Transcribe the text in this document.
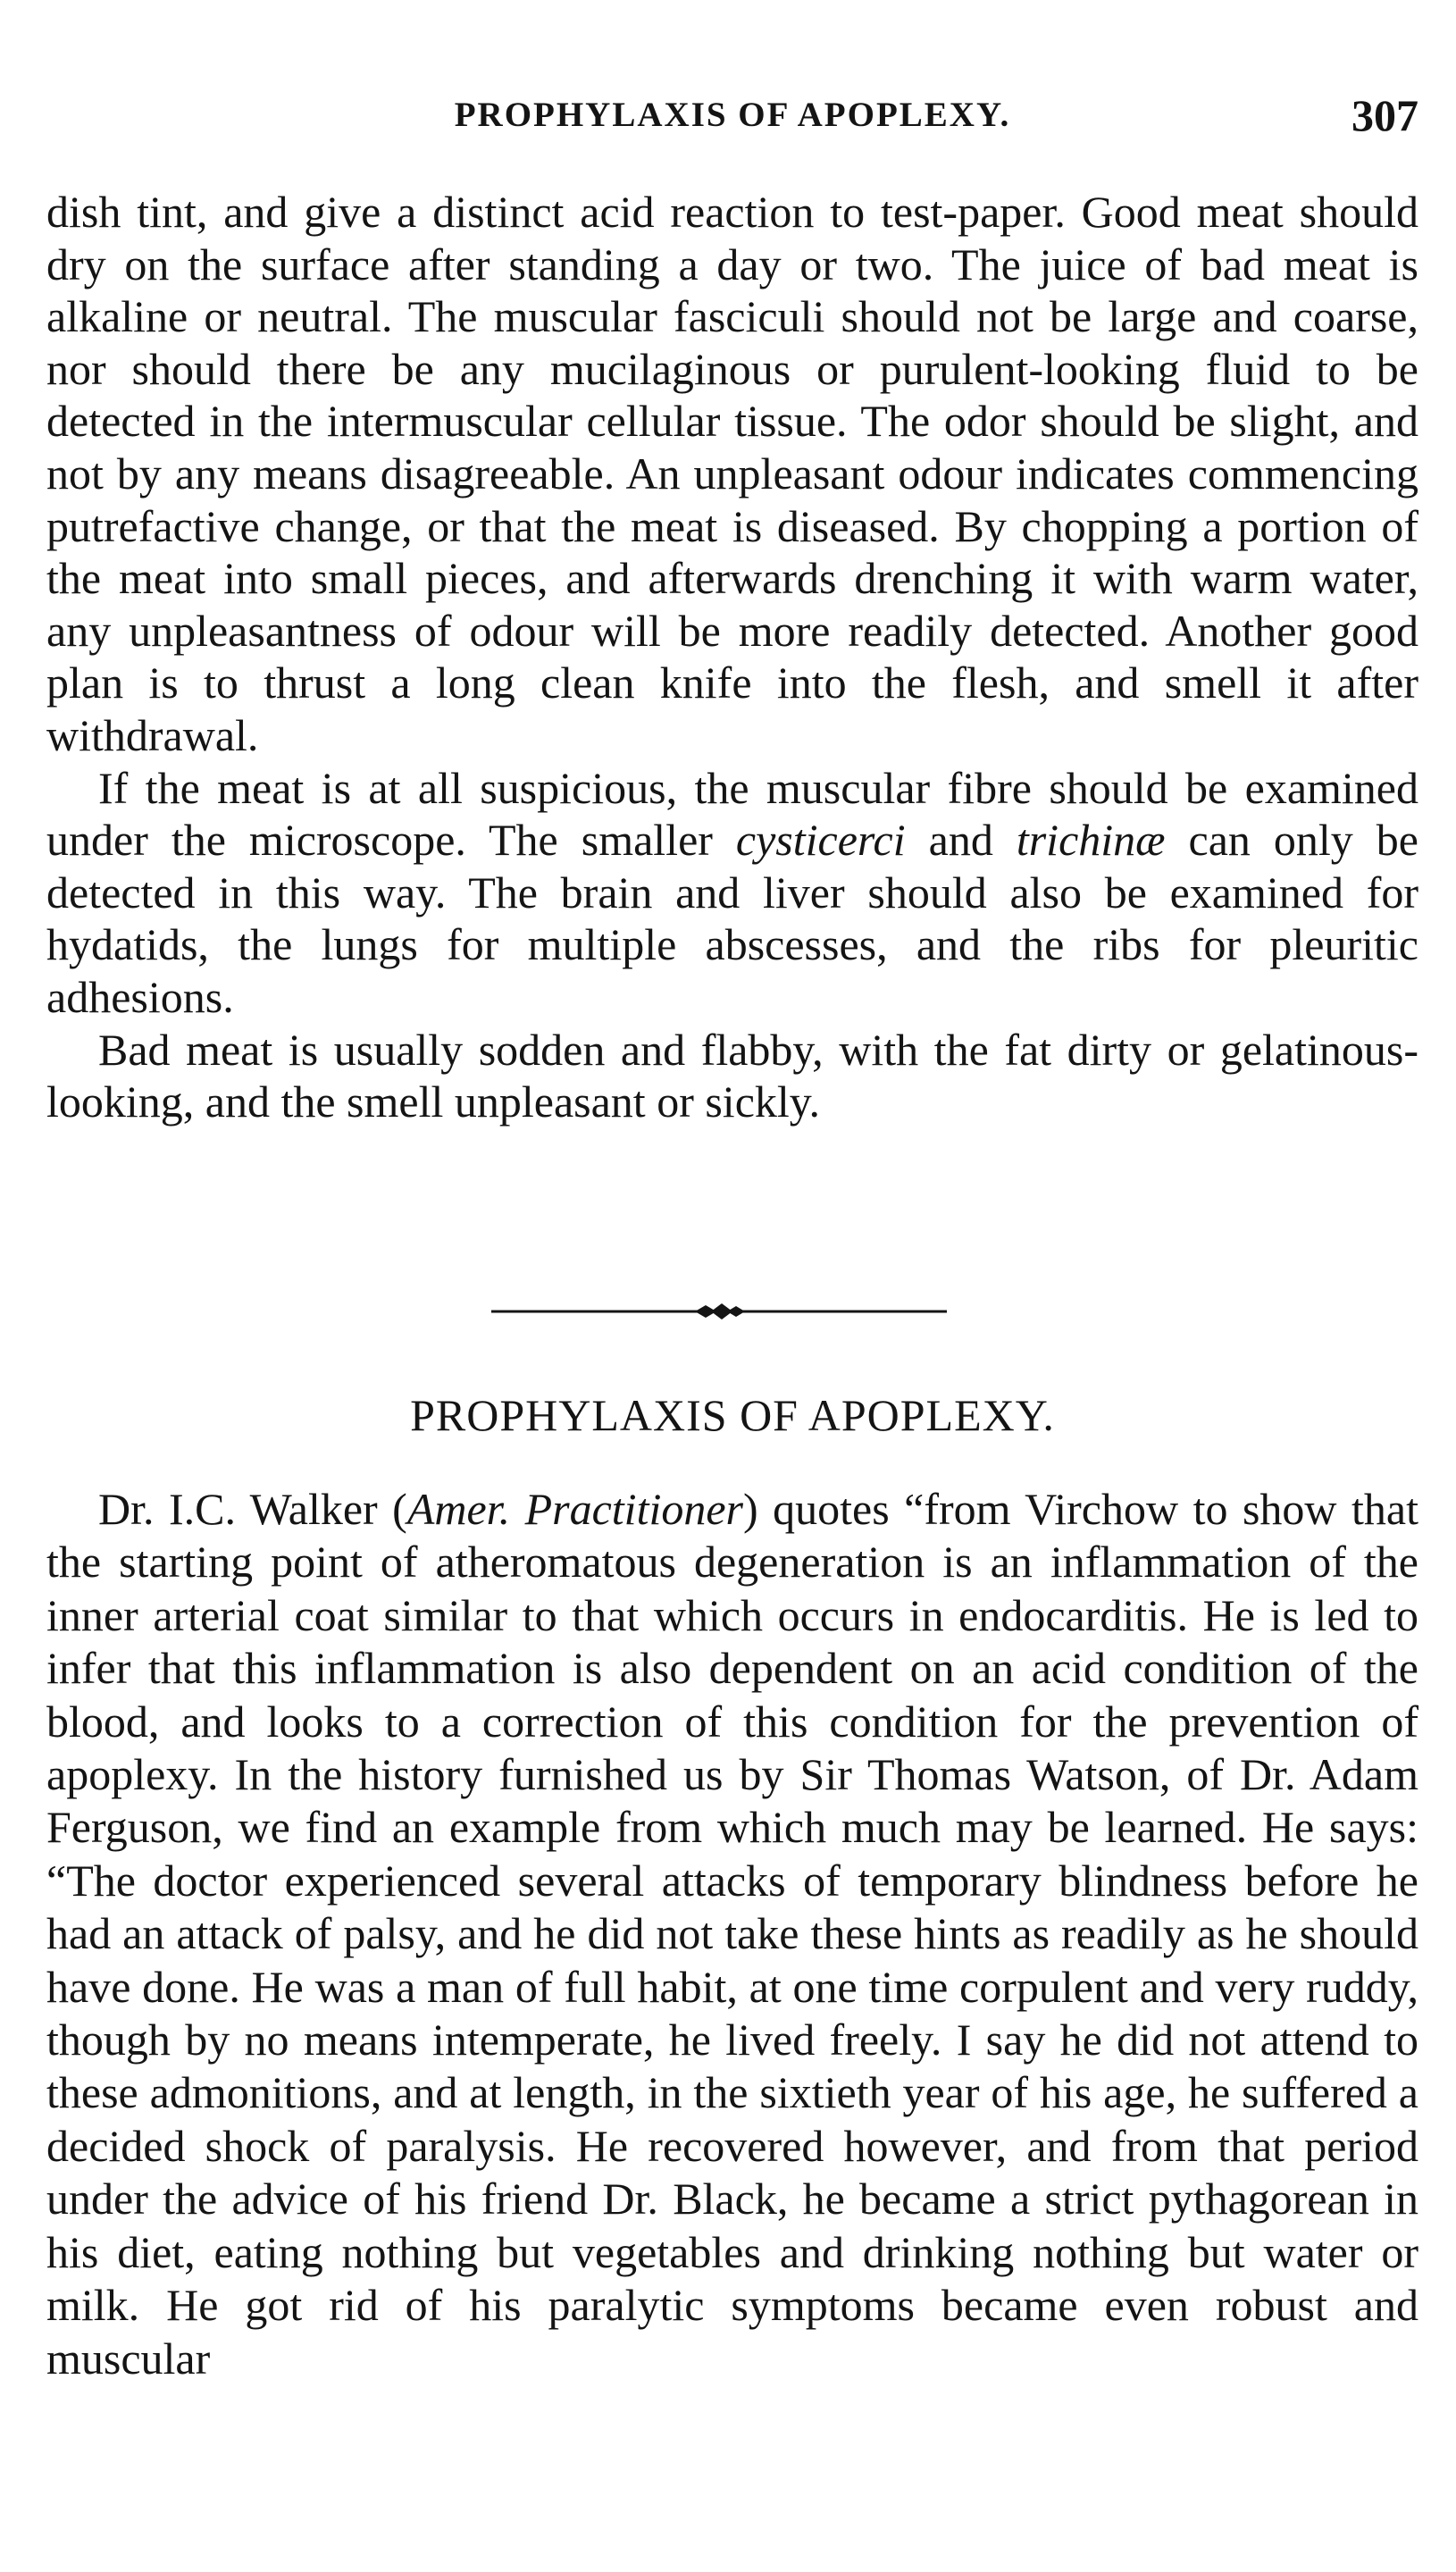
PROPHYLAXIS OF APOPLEXY.	307

dish tint, and give a distinct acid reaction to test-paper. Good meat should dry on the surface after standing a day or two. The juice of bad meat is alkaline or neutral. The muscular fasciculi should not be large and coarse, nor should there be any mucilaginous or purulent-looking fluid to be detected in the intermuscular cellular tissue. The odor should be slight, and not by any means disagreeable. An unpleasant odour indicates commencing putrefactive change, or that the meat is diseased. By chopping a portion of the meat into small pieces, and afterwards drenching it with warm water, any unpleasantness of odour will be more readily detected. Another good plan is to thrust a long clean knife into the flesh, and smell it after withdrawal.

If the meat is at all suspicious, the muscular fibre should be examined under the microscope. The smaller cysticerci and trichinæ can only be detected in this way. The brain and liver should also be examined for hydatids, the lungs for multiple abscesses, and the ribs for pleuritic adhesions.

Bad meat is usually sodden and flabby, with the fat dirty or gelatinous-looking, and the smell unpleasant or sickly.

PROPHYLAXIS OF APOPLEXY.

Dr. I.C. Walker (Amer. Practitioner) quotes “from Virchow to show that the starting point of atheromatous degeneration is an inflammation of the inner arterial coat similar to that which occurs in endocarditis. He is led to infer that this inflammation is also dependent on an acid condition of the blood, and looks to a correction of this condition for the prevention of apoplexy. In the history furnished us by Sir Thomas Watson, of Dr. Adam Ferguson, we find an example from which much may be learned. He says: “The doctor experienced several attacks of temporary blindness before he had an attack of palsy, and he did not take these hints as readily as he should have done. He was a man of full habit, at one time corpulent and very ruddy, though by no means intemperate, he lived freely. I say he did not attend to these admonitions, and at length, in the sixtieth year of his age, he suffered a decided shock of paralysis. He recovered however, and from that period under the advice of his friend Dr. Black, he became a strict pythagorean in his diet, eating nothing but vegetables and drinking nothing but water or milk. He got rid of his paralytic symptoms became even robust and muscular
